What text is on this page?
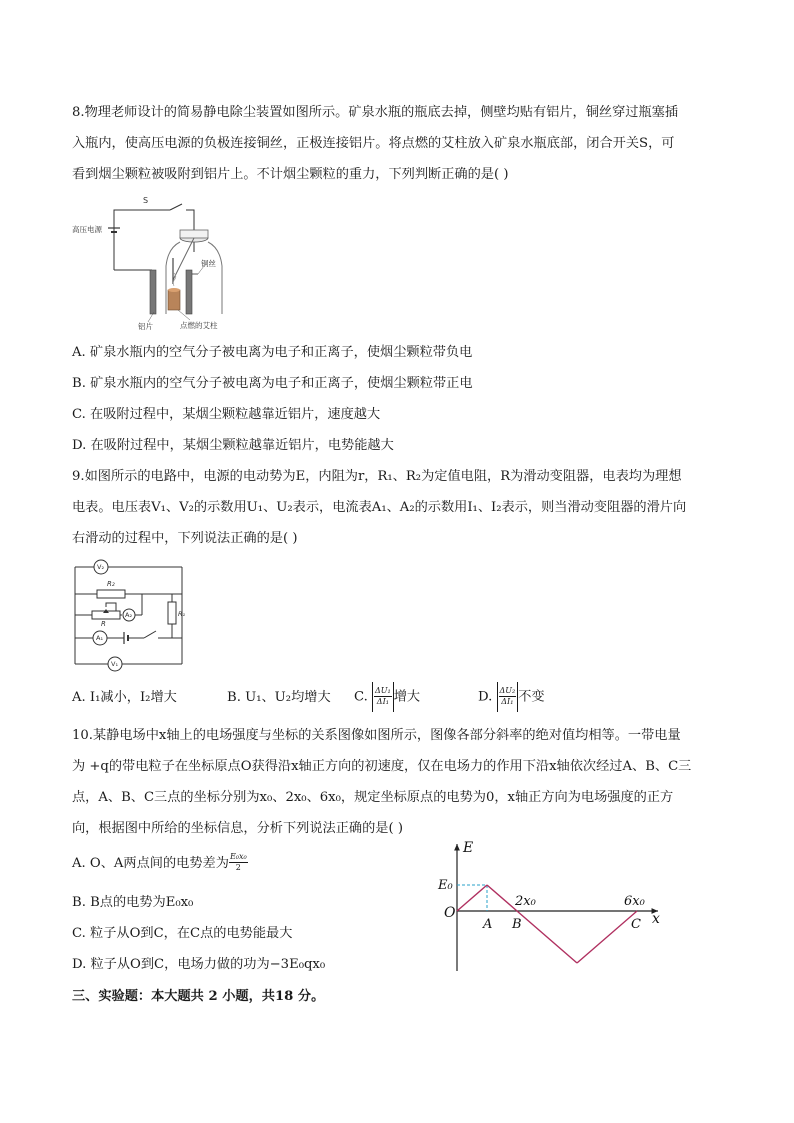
8.物理老师设计的简易静电除尘装置如图所示。矿泉水瓶的瓶底去掉，侧壁均贴有铝片，铜丝穿过瓶塞插
入瓶内，使高压电源的负极连接铜丝，正极连接铝片。将点燃的艾柱放入矿泉水瓶底部，闭合开关S，可
看到烟尘颗粒被吸附到铝片上。不计烟尘颗粒的重力，下列判断正确的是( )
S
高压电源
铜丝
铝片	点燃的艾柱
A. 矿泉水瓶内的空气分子被电离为电子和正离子，使烟尘颗粒带负电
B. 矿泉水瓶内的空气分子被电离为电子和正离子，使烟尘颗粒带正电
C. 在吸附过程中，某烟尘颗粒越靠近铝片，速度越大
D. 在吸附过程中，某烟尘颗粒越靠近铝片，电势能越大
9.如图所示的电路中，电源的电动势为E，内阻为r，R₁、R₂为定值电阻，R为滑动变阻器，电表均为理想
电表。电压表V₁、V₂的示数用U₁、U₂表示，电流表A₁、A₂的示数用I₁、I₂表示，则当滑动变阻器的滑片向
右滑动的过程中，下列说法正确的是( )
V₂
R₂
R
A₂	R₁
A₁
V₁
A. I₁减小，I₂增大	B. U₁、U₂均增大 C. $\frac{\text{ΔU₁}}{\text{ΔI₁}}$ 增大	D. $\frac{\text{ΔU₂}}{\text{ΔI₁}}$ 不变
10.某静电场中x轴上的电场强度与坐标的关系图像如图所示，图像各部分斜率的绝对值均相等。一带电量
为 +q的带电粒子在坐标原点O获得沿x轴正方向的初速度，仅在电场力的作用下沿x轴依次经过A、B、C三
点，A、B、C三点的坐标分别为x₀、2x₀、6x₀，规定坐标原点的电势为0，x轴正方向为电场强度的正方
向，根据图中所给的坐标信息，分析下列说法正确的是( )
A. O、A两点间的电势差为 $\frac{\text{E₀x₀}}{2}$
B. B点的电势为E₀x₀
C. 粒子从O到C，在C点的电势能最大
D. 粒子从O到C，电场力做的功为−3E₀qx₀
三、实验题：本大题共 2 小题，共18 分。
O
A B	C
2x₀	6x₀
E₀
E
x
